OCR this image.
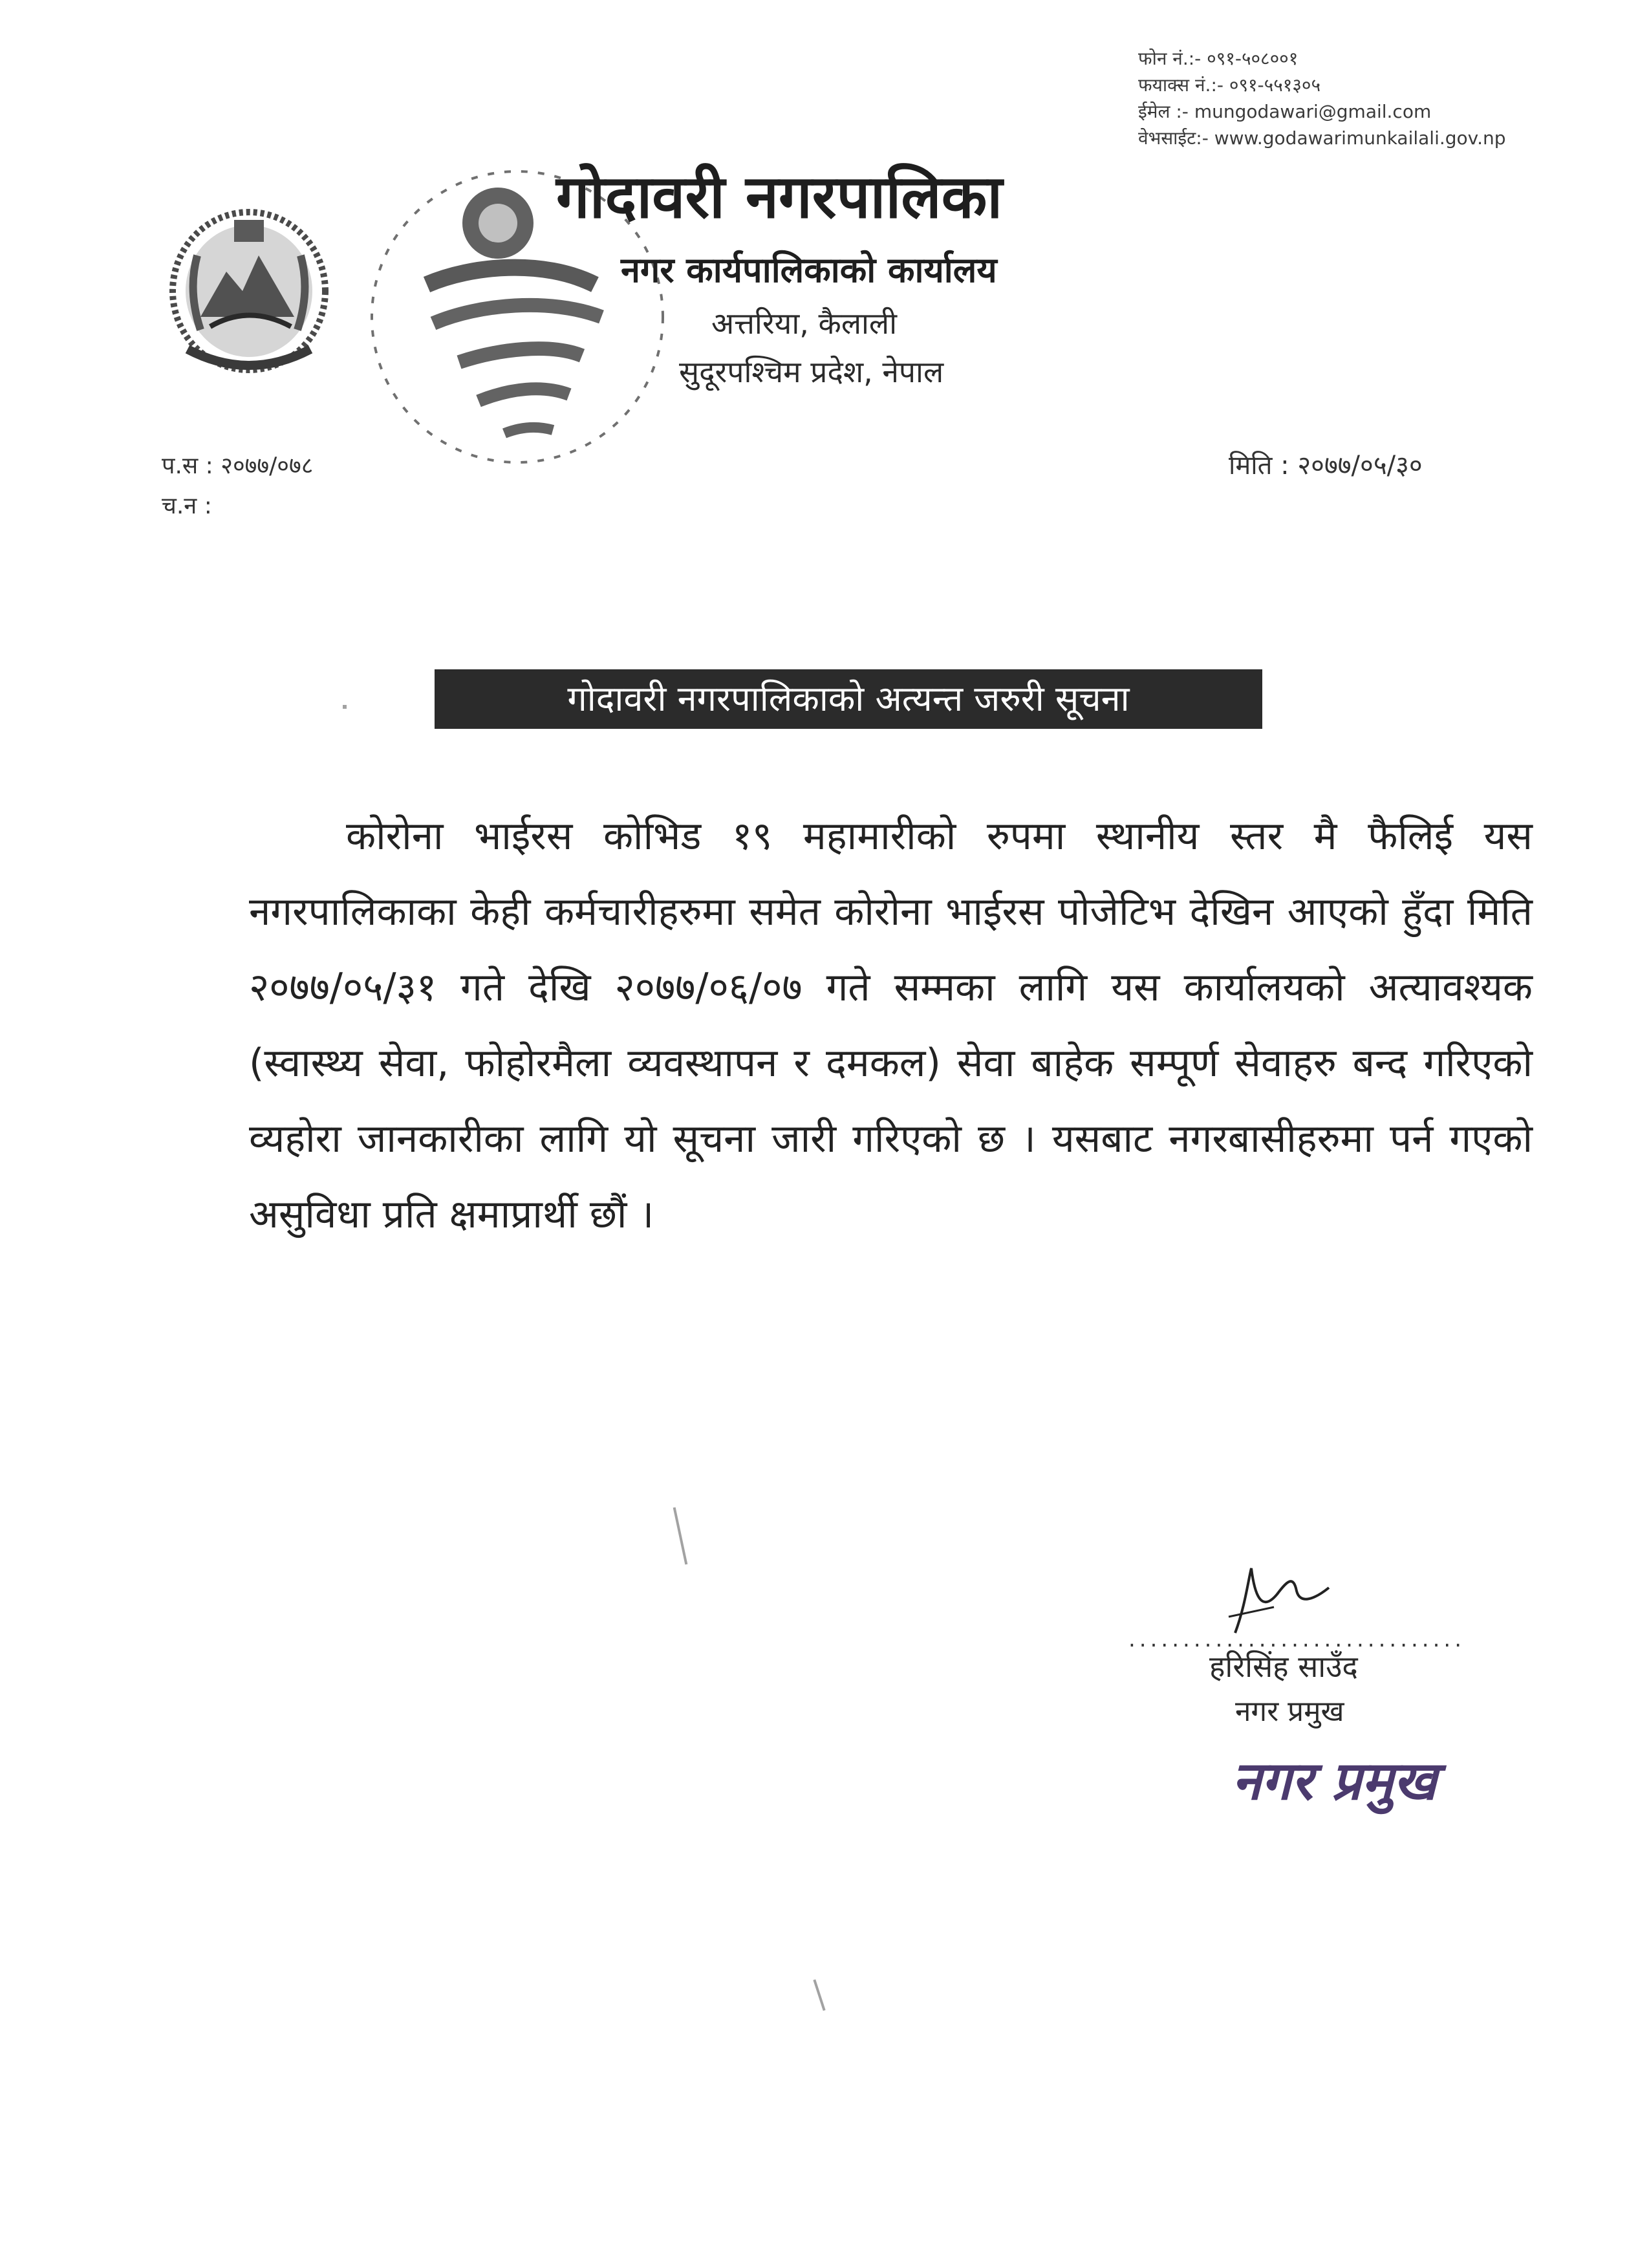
फोन नं.:- ०९१-५०८००१
फयाक्स नं.:- ०९१-५५१३०५
ईमेल :- mungodawari@gmail.com
वेभसाईट:- www.godawarimunkailali.gov.np
गोदावरी नगरपालिका
नगर कार्यपालिकाको कार्यालय
अत्तरिया, कैलाली
सुदूरपश्चिम प्रदेश, नेपाल
प.स : २०७७/०७८
च.न :
मिति : २०७७/०५/३०
गोदावरी नगरपालिकाको अत्यन्त जरुरी सूचना
कोरोना भाईरस कोभिड १९ महामारीको रुपमा स्थानीय स्तर मै फैलिई यस नगरपालिकाका केही कर्मचारीहरुमा समेत कोरोना भाईरस पोजेटिभ देखिन आएको हुँदा मिति २०७७/०५/३१ गते देखि २०७७/०६/०७ गते सम्मका लागि यस कार्यालयको अत्यावश्यक (स्वास्थ्य सेवा, फोहोरमैला व्यवस्थापन र दमकल) सेवा बाहेक सम्पूर्ण सेवाहरु बन्द गरिएको व्यहोरा जानकारीका लागि यो सूचना जारी गरिएको छ । यसबाट नगरबासीहरुमा पर्न गएको असुविधा प्रति क्षमाप्रार्थी छौं ।
...............................
हरिसिंह साउँद
नगर प्रमुख
नगर प्रमुख
